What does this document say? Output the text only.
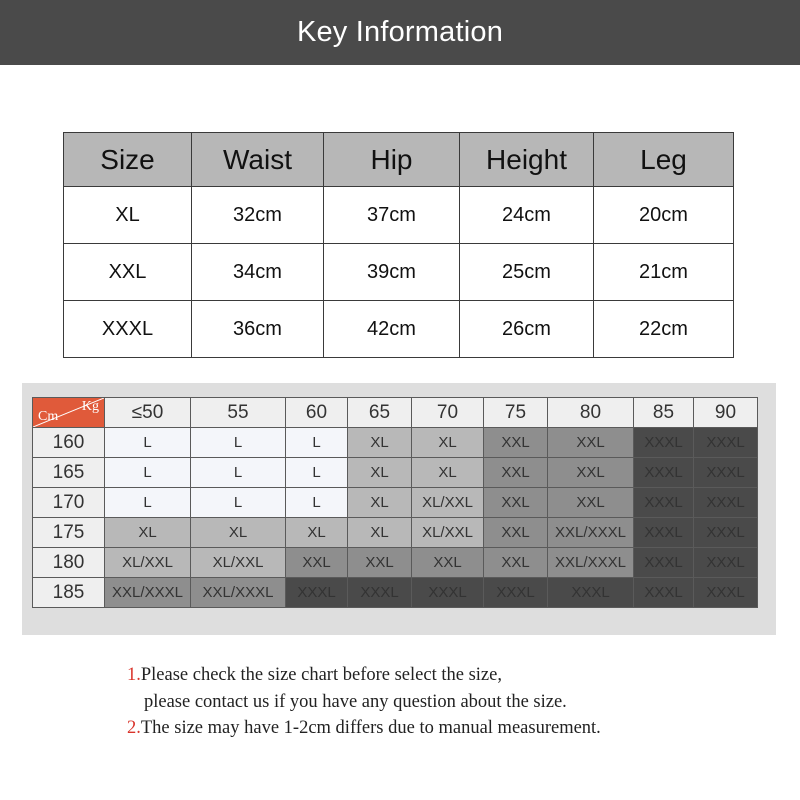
Key Information
Size	Waist	Hip	Height	Leg
XL	32cm	37cm	24cm	20cm
XXL	34cm	39cm	25cm	21cm
XXXL	36cm	42cm	26cm	22cm
Cm
Kg	≤50	55	60	65	70	75	80	85	90
160	L	L	L	XL	XL	XXL	XXL	XXXL	XXXL
165	L	L	L	XL	XL	XXL	XXL	XXXL	XXXL
170	L	L	L	XL	XL/XXL	XXL	XXL	XXXL	XXXL
175	XL	XL	XL	XL	XL/XXL	XXL	XXL/XXXL	XXXL	XXXL
180	XL/XXL	XL/XXL	XXL	XXL	XXL	XXL	XXL/XXXL	XXXL	XXXL
185	XXL/XXXL	XXL/XXXL	XXXL	XXXL	XXXL	XXXL	XXXL	XXXL	XXXL
1.Please check the size chart before select the size,
please contact us if you have any question about the size.
2.The size may have 1-2cm differs due to manual measurement.
